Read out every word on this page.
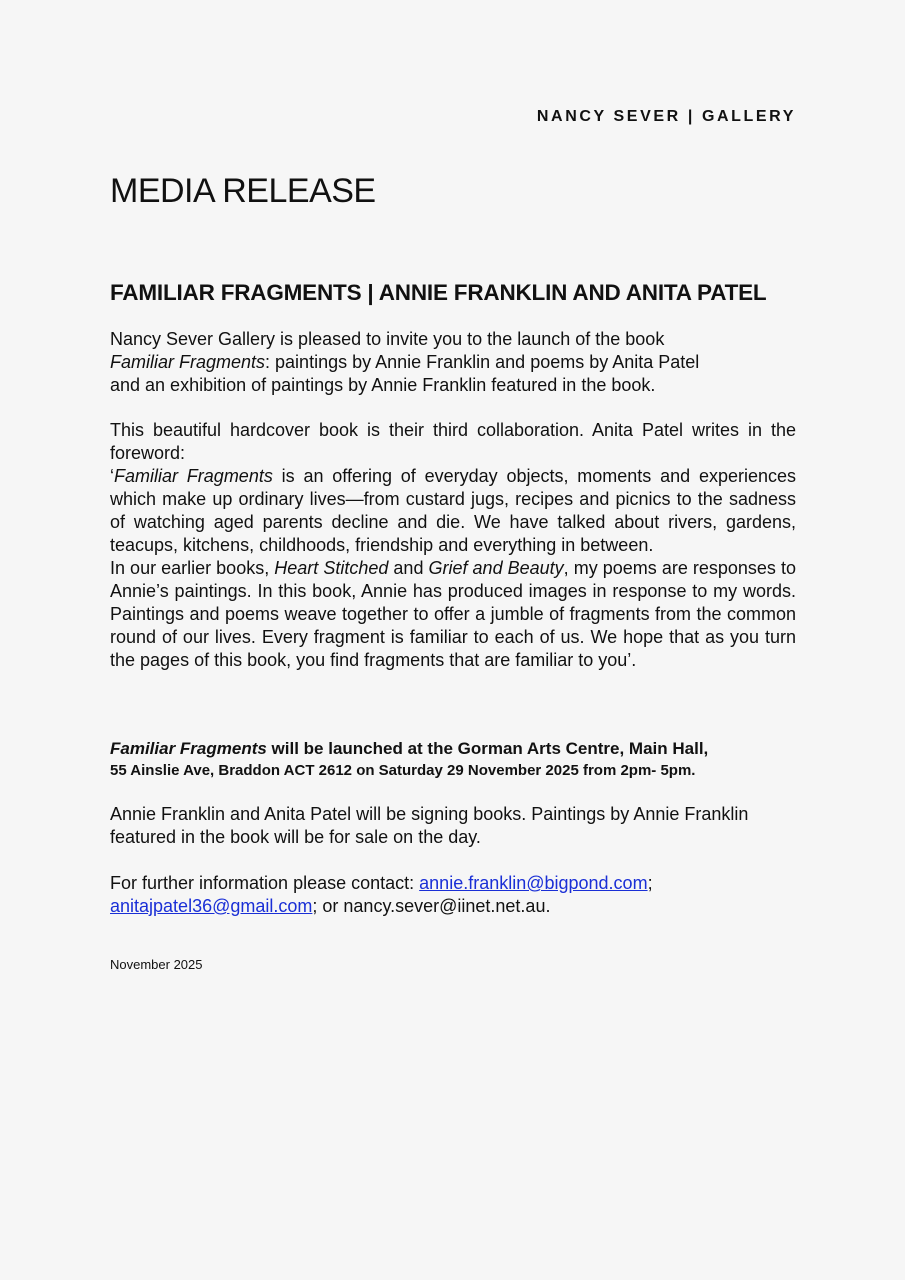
NANCY SEVER | GALLERY
MEDIA RELEASE
FAMILIAR FRAGMENTS | ANNIE FRANKLIN AND ANITA PATEL

Nancy Sever Gallery is pleased to invite you to the launch of the book
Familiar Fragments: paintings by Annie Franklin and poems by Anita Patel
and an exhibition of paintings by Annie Franklin featured in the book.

This beautiful hardcover book is their third collaboration. Anita Patel writes in the foreword:
‘Familiar Fragments is an offering of everyday objects, moments and experiences which make up ordinary lives—from custard jugs, recipes and picnics to the sadness of watching aged parents decline and die. We have talked about rivers, gardens, teacups, kitchens, childhoods, friendship and everything in between.
In our earlier books, Heart Stitched and Grief and Beauty, my poems are responses to Annie’s paintings. In this book, Annie has produced images in response to my words. Paintings and poems weave together to offer a jumble of fragments from the common round of our lives. Every fragment is familiar to each of us. We hope that as you turn the pages of this book, you find fragments that are familiar to you’.

Familiar Fragments will be launched at the Gorman Arts Centre, Main Hall,
55 Ainslie Ave, Braddon ACT 2612 on Saturday 29 November 2025 from 2pm- 5pm.

Annie Franklin and Anita Patel will be signing books. Paintings by Annie Franklin featured in the book will be for sale on the day.

For further information please contact: annie.franklin@bigpond.com;
anitajpatel36@gmail.com; or nancy.sever@iinet.net.au.

November 2025
